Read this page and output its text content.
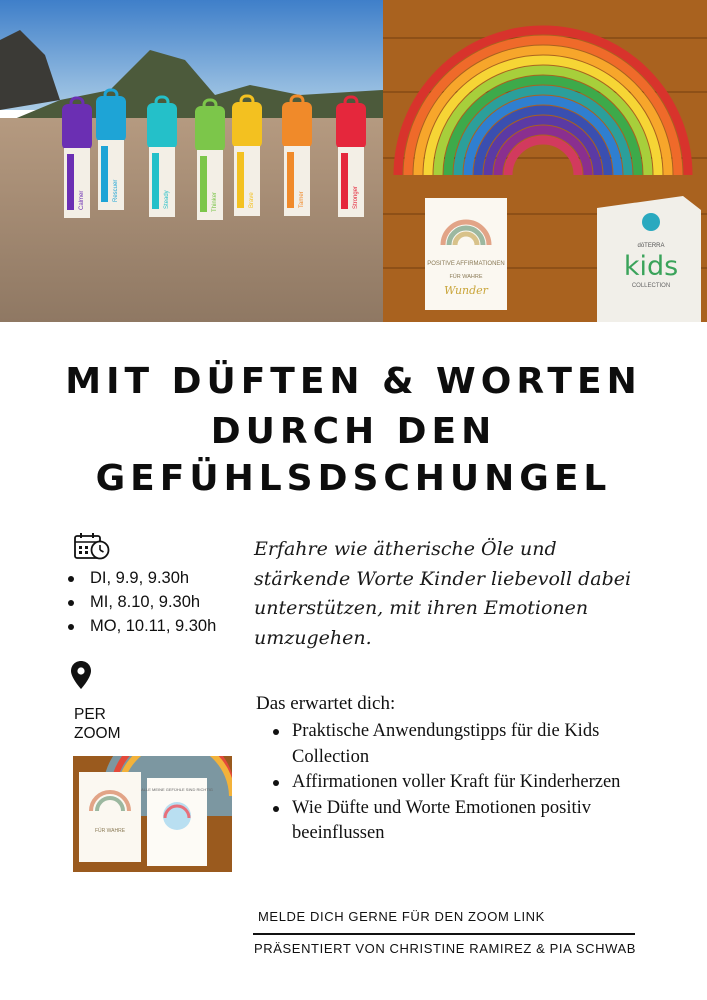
Calmer	Rescuer	Steady	Thinker	Brave	Tamer	Stronger
POSITIVE AFFIRMATIONEN
FÜR WAHRE
Wunder
dōTERRA
kids
COLLECTION
MIT DÜFTEN & WORTEN
DURCH DEN
GEFÜHLSDSCHUNGEL
DI, 9.9, 9.30h
MI, 8.10, 9.30h
MO, 10.11, 9.30h
PER
ZOOM
FÜR WAHRE
ALLE MEINE GEFÜHLE SIND RICHTIG
Erfahre wie ätherische Öle und stärkende Worte Kinder liebevoll dabei unterstützen, mit ihren Emotionen umzugehen.
Das erwartet dich:
Praktische Anwendungstipps für die Kids Collection
Affirmationen voller Kraft für Kinderherzen
Wie Düfte und Worte Emotionen positiv beeinflussen
MELDE DICH GERNE FÜR DEN ZOOM LINK
PRÄSENTIERT VON CHRISTINE RAMIREZ & PIA SCHWAB
